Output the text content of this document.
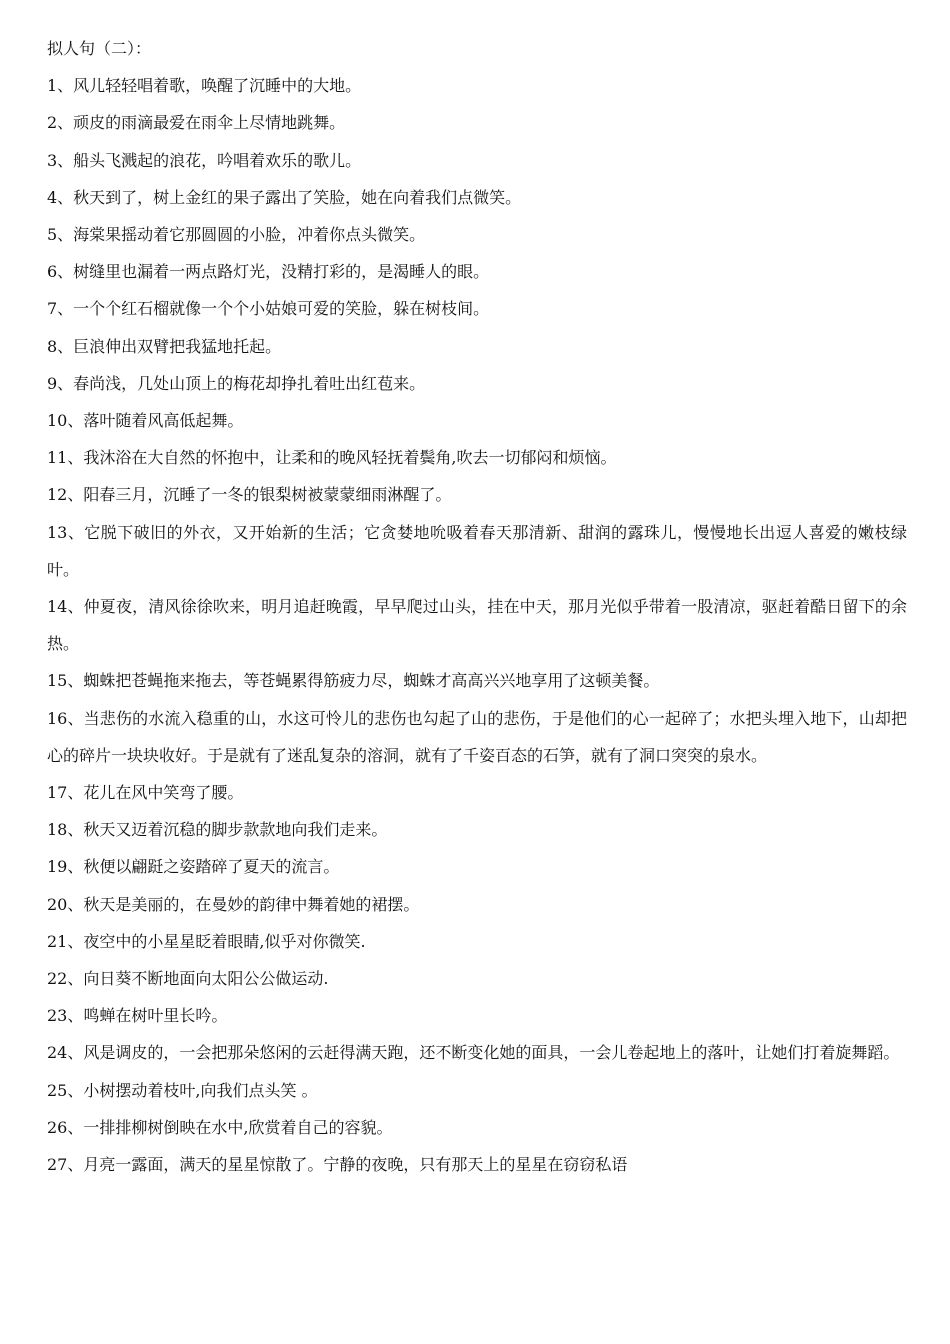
拟人句（二）：

1、风儿轻轻唱着歌，唤醒了沉睡中的大地。

2、顽皮的雨滴最爱在雨伞上尽情地跳舞。

3、船头飞溅起的浪花，吟唱着欢乐的歌儿。

4、秋天到了，树上金红的果子露出了笑脸，她在向着我们点微笑。

5、海棠果摇动着它那圆圆的小脸，冲着你点头微笑。

6、树缝里也漏着一两点路灯光，没精打彩的，是渴睡人的眼。

7、一个个红石榴就像一个个小姑娘可爱的笑脸，躲在树枝间。

8、巨浪伸出双臂把我猛地托起。

9、春尚浅，几处山顶上的梅花却挣扎着吐出红苞来。

10、落叶随着风高低起舞。

11、我沐浴在大自然的怀抱中，让柔和的晚风轻抚着鬓角,吹去一切郁闷和烦恼。

12、阳春三月，沉睡了一冬的银梨树被蒙蒙细雨淋醒了。

13、它脱下破旧的外衣，又开始新的生活；它贪婪地吮吸着春天那清新、甜润的露珠儿，慢慢地长出逗人喜爱的嫩枝绿叶。

14、仲夏夜，清风徐徐吹来，明月追赶晚霞，早早爬过山头，挂在中天，那月光似乎带着一股清凉，驱赶着酷日留下的余热。

15、蜘蛛把苍蝇拖来拖去，等苍蝇累得筋疲力尽，蜘蛛才高高兴兴地享用了这顿美餐。

16、当悲伤的水流入稳重的山，水这可怜儿的悲伤也勾起了山的悲伤，于是他们的心一起碎了；水把头埋入地下，山却把心的碎片一块块收好。于是就有了迷乱复杂的溶洞，就有了千姿百态的石笋，就有了洞口突突的泉水。

17、花儿在风中笑弯了腰。

18、秋天又迈着沉稳的脚步款款地向我们走来。

19、秋便以翩跹之姿踏碎了夏天的流言。

20、秋天是美丽的，在曼妙的韵律中舞着她的裙摆。

21、夜空中的小星星眨着眼睛,似乎对你微笑.

22、向日葵不断地面向太阳公公做运动.

23、鸣蝉在树叶里长吟。

24、风是调皮的，一会把那朵悠闲的云赶得满天跑，还不断变化她的面具，一会儿卷起地上的落叶，让她们打着旋舞蹈。

25、小树摆动着枝叶,向我们点头笑 。

26、一排排柳树倒映在水中,欣赏着自己的容貌。

27、月亮一露面，满天的星星惊散了。宁静的夜晚，只有那天上的星星在窃窃私语
